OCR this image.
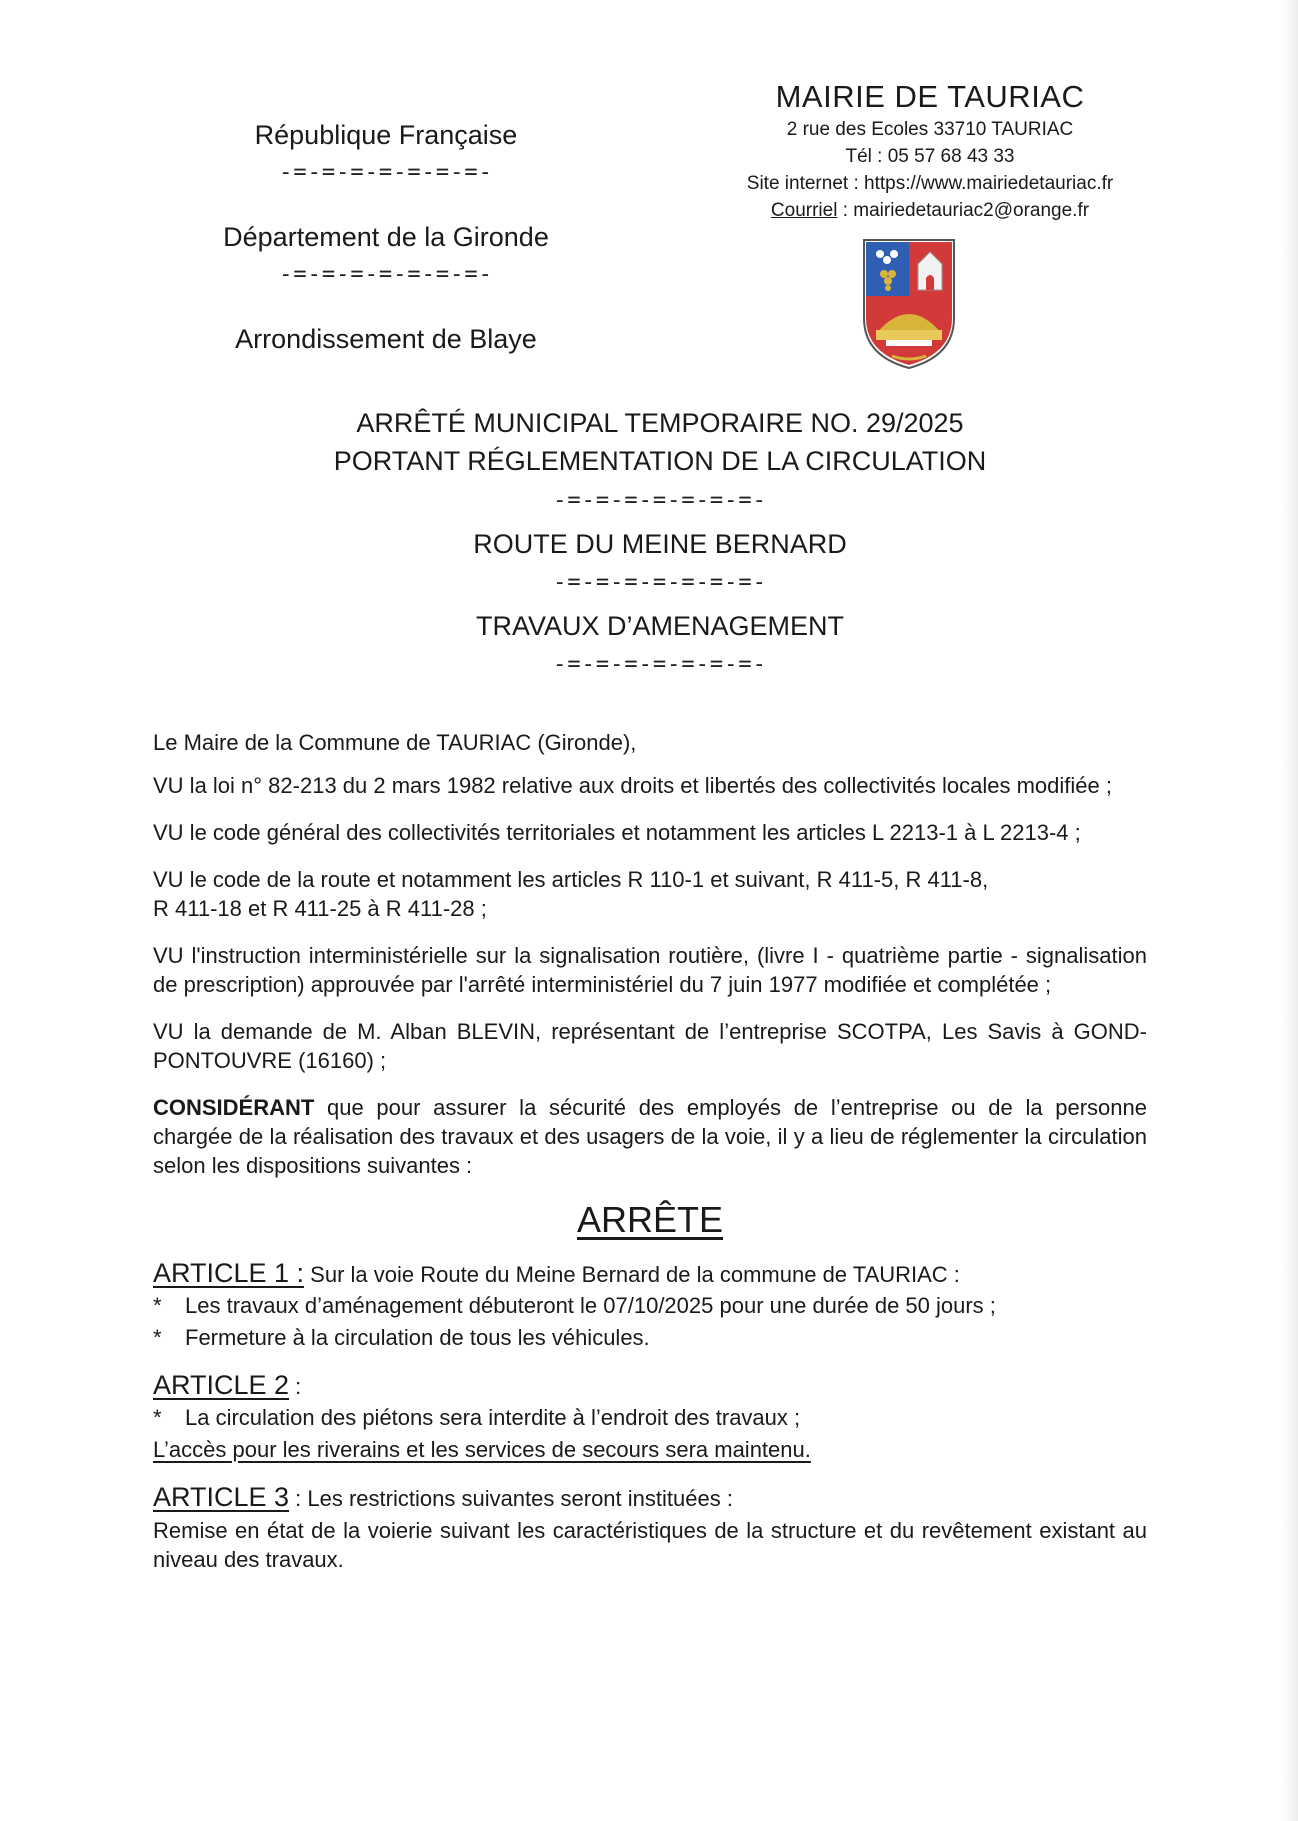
République Française
-=-=-=-=-=-=-=-
Département de la Gironde
-=-=-=-=-=-=-=-
Arrondissement de Blaye
MAIRIE DE TAURIAC
2 rue des Ecoles 33710 TAURIAC
Tél : 05 57 68 43 33
Site internet : https://www.mairiedetauriac.fr
Courriel : mairiedetauriac2@orange.fr
ARRÊTÉ MUNICIPAL TEMPORAIRE NO. 29/2025
PORTANT RÉGLEMENTATION DE LA CIRCULATION
-=-=-=-=-=-=-=-
ROUTE DU MEINE BERNARD
-=-=-=-=-=-=-=-
TRAVAUX D’AMENAGEMENT
-=-=-=-=-=-=-=-

Le Maire de la Commune de TAURIAC (Gironde),

VU la loi n° 82-213 du 2 mars 1982 relative aux droits et libertés des collectivités locales modifiée ;

VU le code général des collectivités territoriales et notamment les articles L 2213-1 à L 2213-4 ;

VU le code de la route et notamment les articles R 110-1 et suivant, R 411-5, R 411-8,
R 411-18 et R 411-25 à R 411-28 ;

VU l'instruction interministérielle sur la signalisation routière, (livre I - quatrième partie - signalisation de prescription) approuvée par l'arrêté interministériel du 7 juin 1977 modifiée et complétée ;

VU la demande de M. Alban BLEVIN, représentant de l’entreprise SCOTPA, Les Savis à GOND-PONTOUVRE (16160) ;

CONSIDÉRANT que pour assurer la sécurité des employés de l’entreprise ou de la personne chargée de la réalisation des travaux et des usagers de la voie, il y a lieu de réglementer la circulation selon les dispositions suivantes :

ARRÊTE
ARTICLE 1 : Sur la voie Route du Meine Bernard de la commune de TAURIAC :
*	Les travaux d’aménagement débuteront le 07/10/2025 pour une durée de 50 jours ;
*	Fermeture à la circulation de tous les véhicules.
ARTICLE 2 :
*	La circulation des piétons sera interdite à l’endroit des travaux ;
L’accès pour les riverains et les services de secours sera maintenu.
ARTICLE 3 : Les restrictions suivantes seront instituées :

Remise en état de la voierie suivant les caractéristiques de la structure et du revêtement existant au niveau des travaux.
